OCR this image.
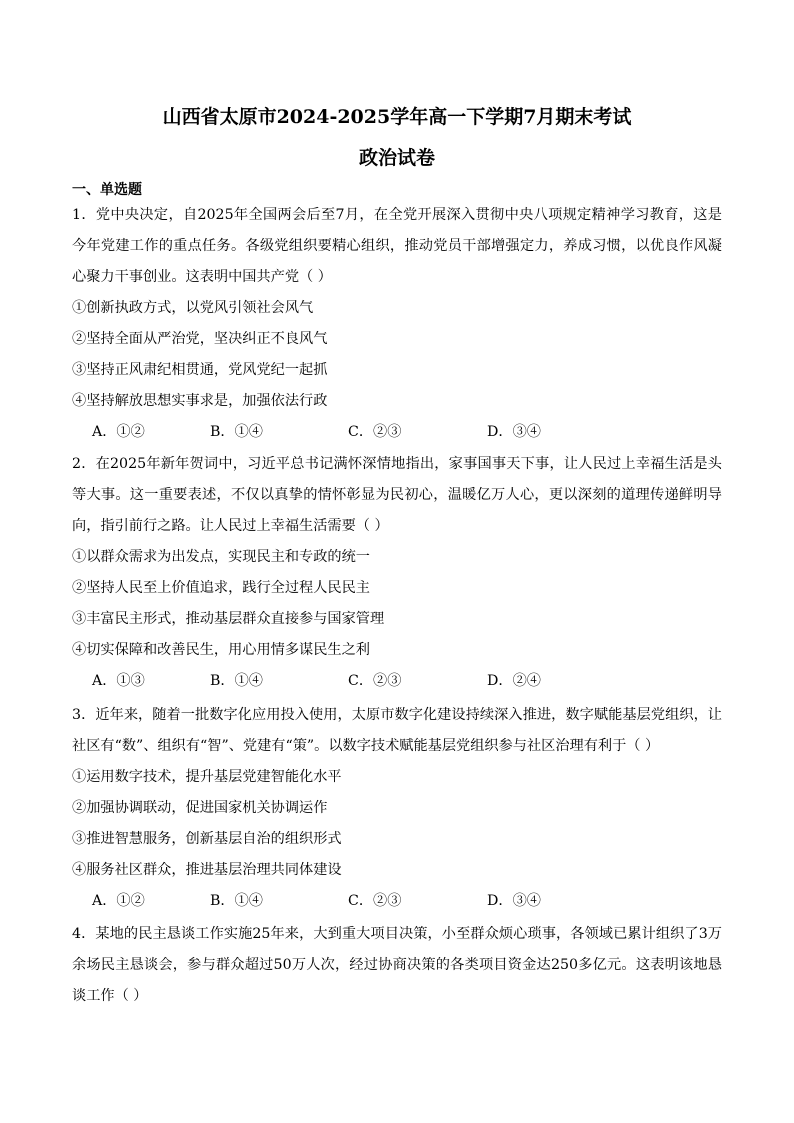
山西省太原市2024-2025学年高一下学期7月期末考试
政治试卷
一、单选题

1．党中央决定，自2025年全国两会后至7月，在全党开展深入贯彻中央八项规定精神学习教育，这是今年党建工作的重点任务。各级党组织要精心组织，推动党员干部增强定力，养成习惯，以优良作风凝心聚力干事创业。这表明中国共产党（ ）

①创新执政方式，以党风引领社会风气

②坚持全面从严治党，坚决纠正不良风气

③坚持正风肃纪相贯通，党风党纪一起抓

④坚持解放思想实事求是，加强依法行政

A．①②	B．①④	C．②③	D．③④

2．在2025年新年贺词中，习近平总书记满怀深情地指出，家事国事天下事，让人民过上幸福生活是头等大事。这一重要表述，不仅以真挚的情怀彰显为民初心，温暖亿万人心，更以深刻的道理传递鲜明导向，指引前行之路。让人民过上幸福生活需要（ ）

①以群众需求为出发点，实现民主和专政的统一

②坚持人民至上价值追求，践行全过程人民民主

③丰富民主形式，推动基层群众直接参与国家管理

④切实保障和改善民生，用心用情多谋民生之利

A．①③	B．①④	C．②③	D．②④

3．近年来，随着一批数字化应用投入使用，太原市数字化建设持续深入推进，数字赋能基层党组织，让社区有“数”、组织有“智”、党建有“策”。以数字技术赋能基层党组织参与社区治理有利于（ ）

①运用数字技术，提升基层党建智能化水平

②加强协调联动，促进国家机关协调运作

③推进智慧服务，创新基层自治的组织形式

④服务社区群众，推进基层治理共同体建设

A．①②	B．①④	C．②③	D．③④

4．某地的民主恳谈工作实施25年来，大到重大项目决策，小至群众烦心琐事，各领域已累计组织了3万余场民主恳谈会，参与群众超过50万人次，经过协商决策的各类项目资金达250多亿元。这表明该地恳谈工作（ ）
